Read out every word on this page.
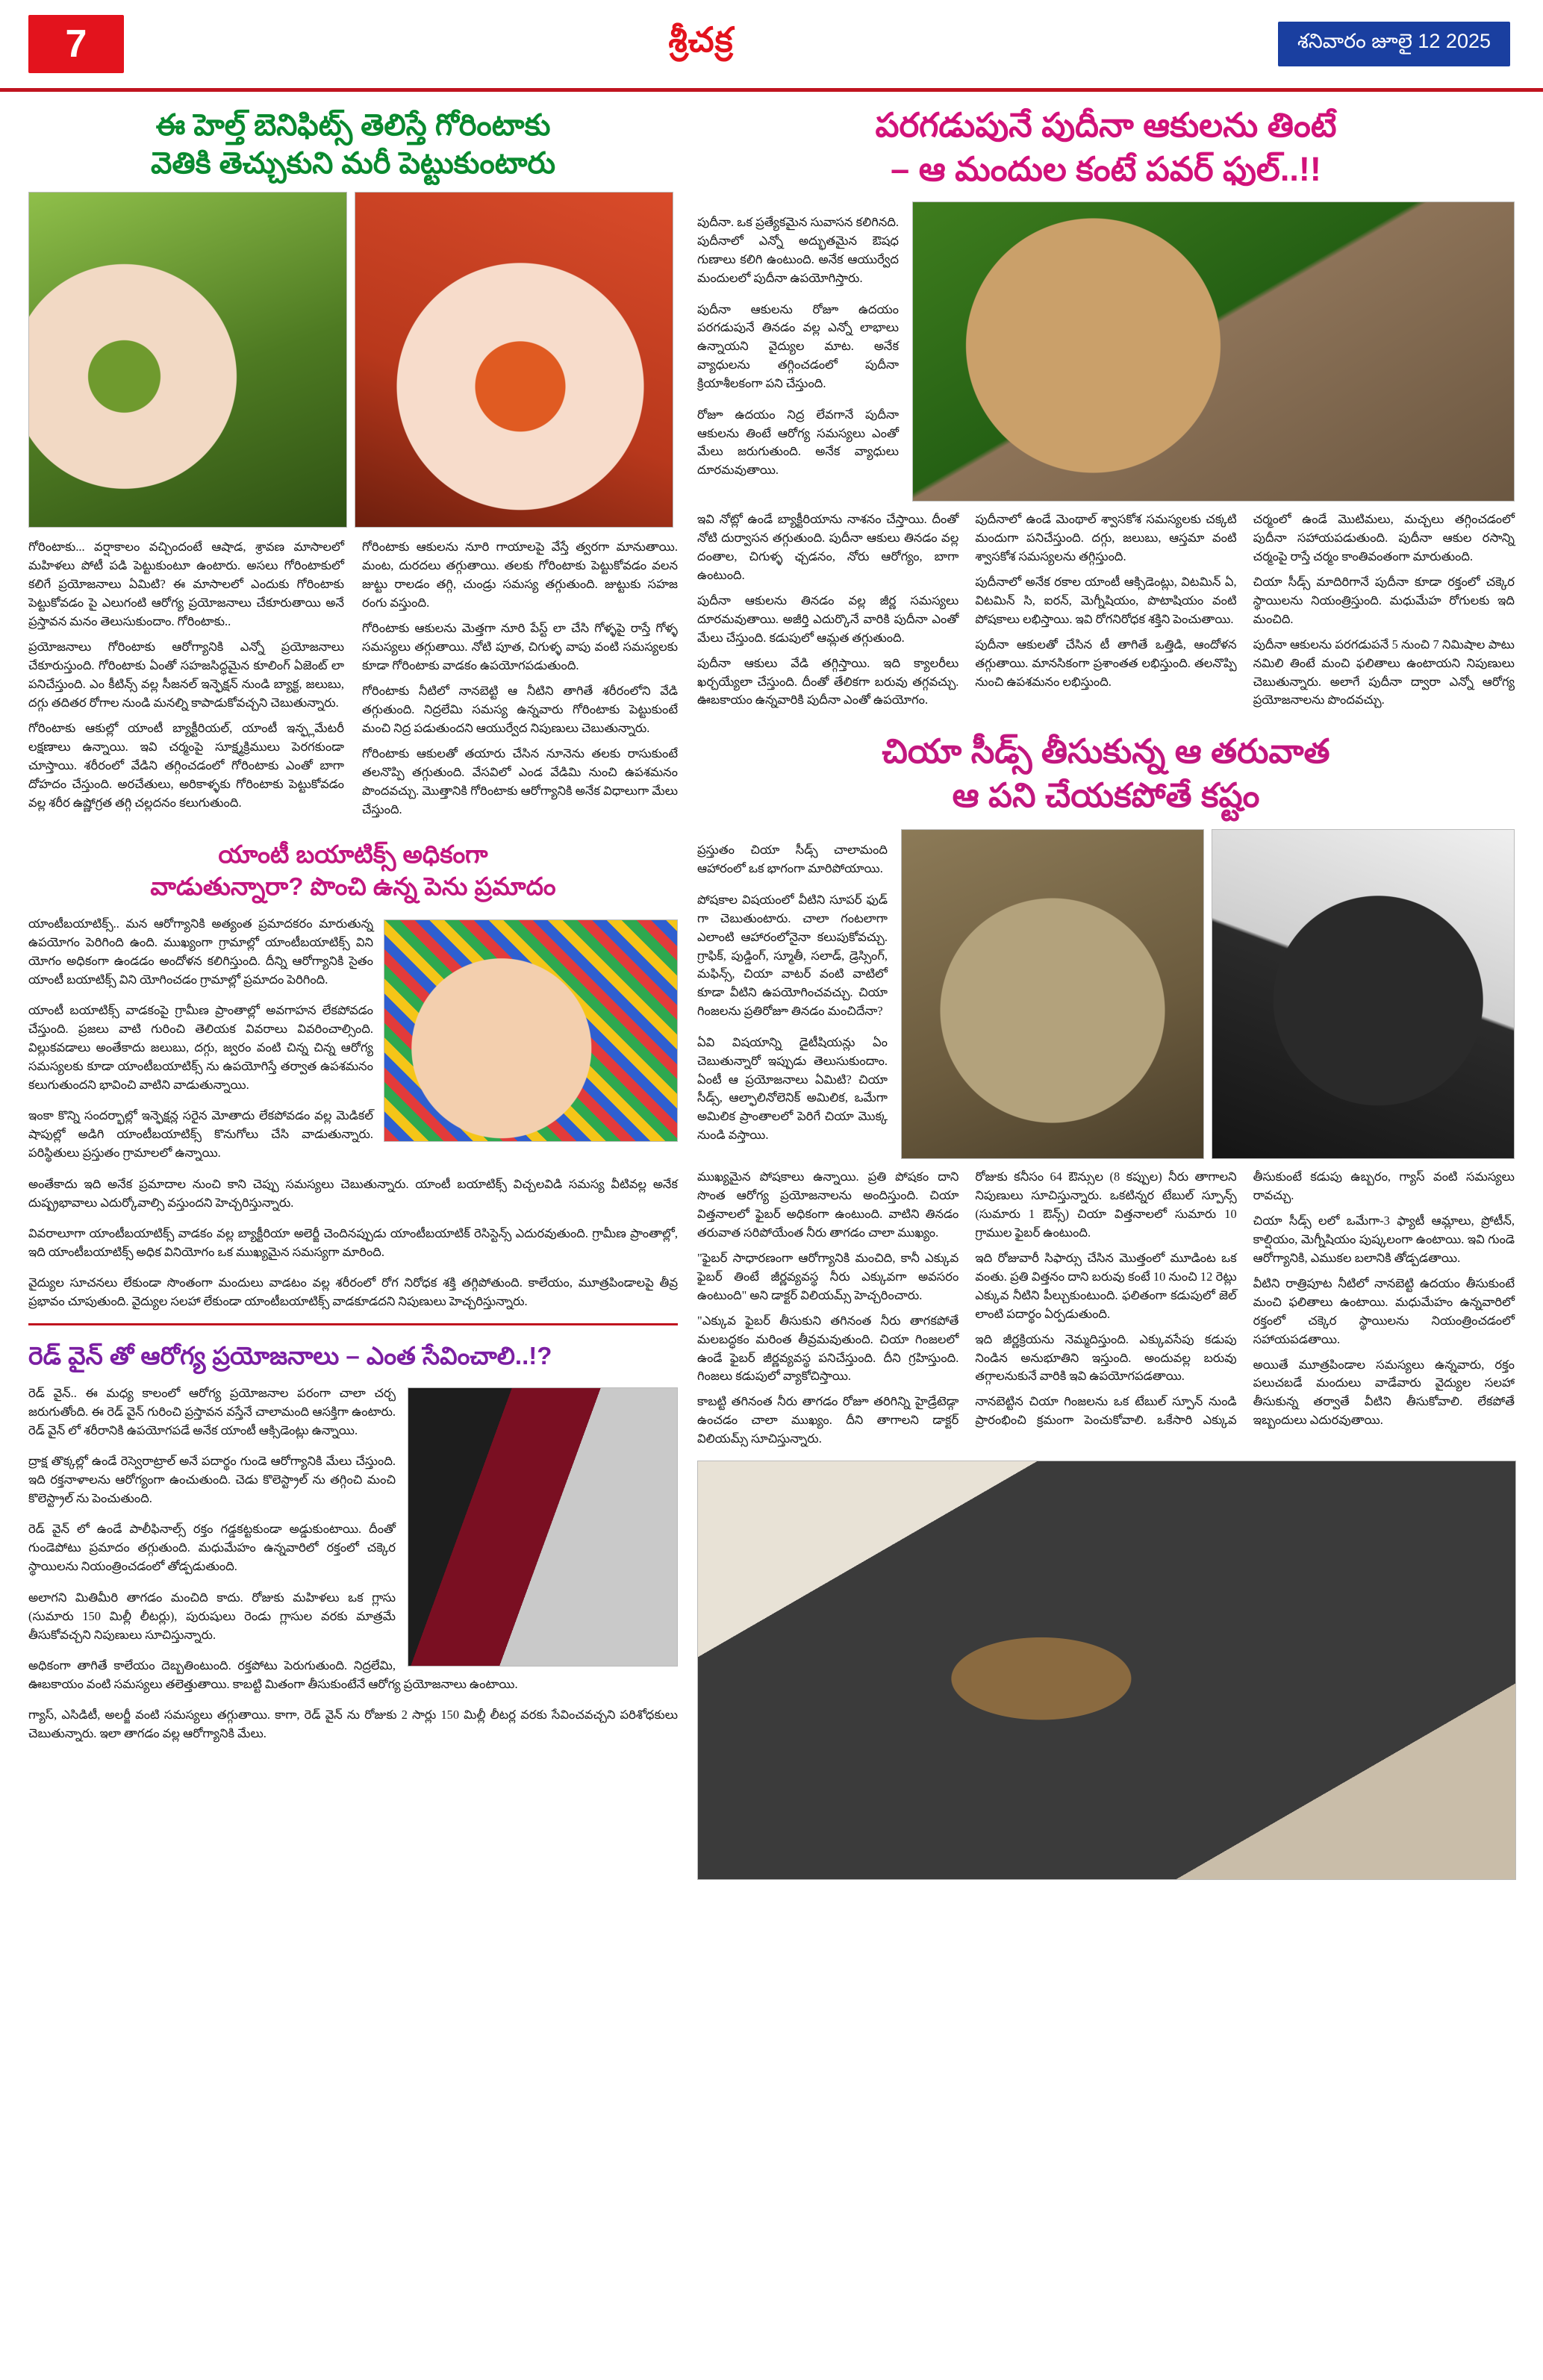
7	శ్రీచక్ర	శనివారం జూలై 12 2025
ఈ హెల్త్ బెనిఫిట్స్ తెలిస్తే గోరింటాకు
వెతికి తెచ్చుకుని మరీ పెట్టుకుంటారు

గోరింటాకు... వర్షాకాలం వచ్చిందంటే ఆషాడ, శ్రావణ మాసాలలో మహిళలు పోటీ పడి పెట్టుకుంటూ ఉంటారు. అసలు గోరింటాకులో కలిగే ప్రయోజనాలు ఏమిటి? ఈ మాసాలలో ఎందుకు గోరింటాకు పెట్టుకోవడం పై ఎలుగంటి ఆరోగ్య ప్రయోజనాలు చేకూరుతాయి అనే ప్రస్తావన మనం తెలుసుకుందాం. గోరింటాకు..

ప్రయోజనాలు గోరింటాకు ఆరోగ్యానికి ఎన్నో ప్రయోజనాలు చేకూరుస్తుంది. గోరింటాకు ఏంతో సహజసిద్ధమైన కూలింగ్ ఏజెంట్ లా పనిచేస్తుంది. ఎం కీటిన్స్ వల్ల సీజనల్ ఇన్ఫెక్షన్ నుండి బ్యాక్ట, జలుబు, దగ్గు తదితర రోగాల నుండి మనల్ని కాపాడుకోవచ్చని చెబుతున్నారు.

గోరింటాకు ఆకుల్లో యాంటీ బ్యాక్టీరియల్, యాంటీ ఇన్ఫ్లమేటరీ లక్షణాలు ఉన్నాయి. ఇవి చర్మంపై సూక్ష్మక్రిములు పెరగకుండా చూస్తాయి. శరీరంలో వేడిని తగ్గించడంలో గోరింటాకు ఎంతో బాగా దోహదం చేస్తుంది. అరచేతులు, అరికాళ్ళకు గోరింటాకు పెట్టుకోవడం వల్ల శరీర ఉష్ణోగ్రత తగ్గి చల్లదనం కలుగుతుంది.

గోరింటాకు ఆకులను నూరి గాయాలపై వేస్తే త్వరగా మానుతాయి. మంట, దురదలు తగ్గుతాయి. తలకు గోరింటాకు పెట్టుకోవడం వలన జుట్టు రాలడం తగ్గి, చుండ్రు సమస్య తగ్గుతుంది. జుట్టుకు సహజ రంగు వస్తుంది.

గోరింటాకు ఆకులను మెత్తగా నూరి పేస్ట్ లా చేసి గోళ్ళపై రాస్తే గోళ్ళ సమస్యలు తగ్గుతాయి. నోటి పూత, చిగుళ్ళ వాపు వంటి సమస్యలకు కూడా గోరింటాకు వాడకం ఉపయోగపడుతుంది.

గోరింటాకు నీటిలో నానబెట్టి ఆ నీటిని తాగితే శరీరంలోని వేడి తగ్గుతుంది. నిద్రలేమి సమస్య ఉన్నవారు గోరింటాకు పెట్టుకుంటే మంచి నిద్ర పడుతుందని ఆయుర్వేద నిపుణులు చెబుతున్నారు.

గోరింటాకు ఆకులతో తయారు చేసిన నూనెను తలకు రాసుకుంటే తలనొప్పి తగ్గుతుంది. వేసవిలో ఎండ వేడిమి నుంచి ఉపశమనం పొందవచ్చు. మొత్తానికి గోరింటాకు ఆరోగ్యానికి అనేక విధాలుగా మేలు చేస్తుంది.

యాంటీ బయాటిక్స్ అధికంగా
వాడుతున్నారా? పొంచి ఉన్న పెను ప్రమాదం

యాంటీబయాటిక్స్.. మన ఆరోగ్యానికి అత్యంత ప్రమాదకరం మారుతున్న ఉపయోగం పెరిగింది ఉంది. ముఖ్యంగా గ్రామాల్లో యాంటీబయాటిక్స్ విని యోగం అధికంగా ఉండడం అందోళన కలిగిస్తుంది. దీన్ని ఆరోగ్యానికి సైతం యాంటీ బయాటిక్స్ విని యోగించడం గ్రామాల్లో ప్రమాదం పెరిగింది.

యాంటీ బయాటిక్స్ వాడకంపై గ్రామీణ ప్రాంతాల్లో అవగాహన లేకపోవడం చేస్తుంది. ప్రజలు వాటి గురించి తెలియక వివరాలు వివరించాల్సింది. విల్లుకవడాలు అంతేకాదు జలుబు, దగ్గు, జ్వరం వంటి చిన్న చిన్న ఆరోగ్య సమస్యలకు కూడా యాంటీబయాటిక్స్ ను ఉపయోగిస్తే తర్వాత ఉపశమనం కలుగుతుందని భావించి వాటిని వాడుతున్నాయి.

ఇంకా కొన్ని సందర్భాల్లో ఇన్ఫెక్షన్ల సరైన మోతాదు లేకపోవడం వల్ల మెడికల్ షాపుల్లో అడిగి యాంటీబయాటిక్స్ కొనుగోలు చేసి వాడుతున్నారు. పరిస్థితులు ప్రస్తుతం గ్రామాలలో ఉన్నాయి.

అంతేకాదు ఇది అనేక ప్రమాదాల నుంచి కాని చెప్పు సమస్యలు చెబుతున్నారు. యాంటీ బయాటిక్స్ విచ్చలవిడి సమస్య వీటివల్ల అనేక దుష్ప్రభావాలు ఎదుర్కోవాల్సి వస్తుందని హెచ్చరిస్తున్నారు.

వివరాలూగా యాంటీబయాటిక్స్ వాడకం వల్ల బ్యాక్టీరియా అలెర్జీ చెందినప్పుడు యాంటీబయాటిక్ రెసిస్టెన్స్ ఎదురవుతుంది. గ్రామీణ ప్రాంతాల్లో, ఇది యాంటీబయాటిక్స్ అధిక వినియోగం ఒక ముఖ్యమైన సమస్యగా మారింది.

వైద్యుల సూచనలు లేకుండా సొంతంగా మందులు వాడటం వల్ల శరీరంలో రోగ నిరోధక శక్తి తగ్గిపోతుంది. కాలేయం, మూత్రపిండాలపై తీవ్ర ప్రభావం చూపుతుంది. వైద్యుల సలహా లేకుండా యాంటీబయాటిక్స్ వాడకూడదని నిపుణులు హెచ్చరిస్తున్నారు.

రెడ్ వైన్ తో ఆరోగ్య ప్రయోజనాలు – ఎంత సేవించాలి..!?

రెడ్ వైన్.. ఈ మధ్య కాలంలో ఆరోగ్య ప్రయోజనాల పరంగా చాలా చర్చ జరుగుతోంది. ఈ రెడ్ వైన్ గురించి ప్రస్తావన వస్తేనే చాలామంది ఆసక్తిగా ఉంటారు. రెడ్ వైన్ లో శరీరానికి ఉపయోగపడే అనేక యాంటీ ఆక్సిడెంట్లు ఉన్నాయి.

ద్రాక్ష తొక్కల్లో ఉండే రెస్వెరాట్రాల్ అనే పదార్థం గుండె ఆరోగ్యానికి మేలు చేస్తుంది. ఇది రక్తనాళాలను ఆరోగ్యంగా ఉంచుతుంది. చెడు కొలెస్ట్రాల్ ను తగ్గించి మంచి కొలెస్ట్రాల్ ను పెంచుతుంది.

రెడ్ వైన్ లో ఉండే పాలీఫినాల్స్ రక్తం గడ్డకట్టకుండా అడ్డుకుంటాయి. దీంతో గుండెపోటు ప్రమాదం తగ్గుతుంది. మధుమేహం ఉన్నవారిలో రక్తంలో చక్కెర స్థాయిలను నియంత్రించడంలో తోడ్పడుతుంది.

అలాగని మితిమీరి తాగడం మంచిది కాదు. రోజుకు మహిళలు ఒక గ్లాసు (సుమారు 150 మిల్లీ లీటర్లు), పురుషులు రెండు గ్లాసుల వరకు మాత్రమే తీసుకోవచ్చని నిపుణులు సూచిస్తున్నారు.

అధికంగా తాగితే కాలేయం దెబ్బతింటుంది. రక్తపోటు పెరుగుతుంది. నిద్రలేమి, ఊబకాయం వంటి సమస్యలు తలెత్తుతాయి. కాబట్టి మితంగా తీసుకుంటేనే ఆరోగ్య ప్రయోజనాలు ఉంటాయి.

గ్యాస్, ఎసిడిటీ, అలర్జీ వంటి సమస్యలు తగ్గుతాయి. కాగా, రెడ్ వైన్ ను రోజుకు 2 సార్లు 150 మిల్లీ లీటర్ల వరకు సేవించవచ్చని పరిశోధకులు చెబుతున్నారు. ఇలా తాగడం వల్ల ఆరోగ్యానికి మేలు.

పరగడుపునే పుదీనా ఆకులను తింటే
– ఆ మందుల కంటే పవర్ ఫుల్..!!

పుదీనా. ఒక ప్రత్యేకమైన సువాసన కలిగినది. పుదీనాలో ఎన్నో అద్భుతమైన ఔషధ గుణాలు కలిగి ఉంటుంది. అనేక ఆయుర్వేద మందులలో పుదీనా ఉపయోగిస్తారు.

పుదీనా ఆకులను రోజూ ఉదయం పరగడుపునే తినడం వల్ల ఎన్నో లాభాలు ఉన్నాయని వైద్యుల మాట. అనేక వ్యాధులను తగ్గించడంలో పుదీనా క్రియాశీలకంగా పని చేస్తుంది.

రోజూ ఉదయం నిద్ర లేవగానే పుదీనా ఆకులను తింటే ఆరోగ్య సమస్యలు ఎంతో మేలు జరుగుతుంది. అనేక వ్యాధులు దూరమవుతాయి.

ఇవి నోట్లో ఉండే బ్యాక్టీరియాను నాశనం చేస్తాయి. దీంతో నోటి దుర్వాసన తగ్గుతుంది. పుదీనా ఆకులు తినడం వల్ల దంతాల, చిగుళ్ళ ఛ్చడనం, నోరు ఆరోగ్యం, బాగా ఉంటుంది.

పుదీనా ఆకులను తినడం వల్ల జీర్ణ సమస్యలు దూరమవుతాయి. అజీర్తి ఎదుర్కొనే వారికి పుదీనా ఎంతో మేలు చేస్తుంది. కడుపులో ఆమ్లత తగ్గుతుంది.

పుదీనా ఆకులు వేడి తగ్గిస్తాయి. ఇది క్యాలరీలు ఖర్చయ్యేలా చేస్తుంది. దీంతో తేలికగా బరువు తగ్గవచ్చు. ఊబకాయం ఉన్నవారికి పుదీనా ఎంతో ఉపయోగం.

పుదీనాలో ఉండే మెంథాల్ శ్వాసకోశ సమస్యలకు చక్కటి మందుగా పనిచేస్తుంది. దగ్గు, జలుబు, ఆస్తమా వంటి శ్వాసకోశ సమస్యలను తగ్గిస్తుంది.

పుదీనాలో అనేక రకాల యాంటీ ఆక్సిడెంట్లు, విటమిన్ ఏ, విటమిన్ సి, ఐరన్, మెగ్నీషియం, పొటాషియం వంటి పోషకాలు లభిస్తాయి. ఇవి రోగనిరోధక శక్తిని పెంచుతాయి.

పుదీనా ఆకులతో చేసిన టీ తాగితే ఒత్తిడి, ఆందోళన తగ్గుతాయి. మానసికంగా ప్రశాంతత లభిస్తుంది. తలనొప్పి నుంచి ఉపశమనం లభిస్తుంది.

చర్మంలో ఉండే మొటిమలు, మచ్చలు తగ్గించడంలో పుదీనా సహాయపడుతుంది. పుదీనా ఆకుల రసాన్ని చర్మంపై రాస్తే చర్మం కాంతివంతంగా మారుతుంది.

చియా సీడ్స్ మాదిరిగానే పుదీనా కూడా రక్తంలో చక్కెర స్థాయిలను నియంత్రిస్తుంది. మధుమేహ రోగులకు ఇది మంచిది.

పుదీనా ఆకులను పరగడుపనే 5 నుంచి 7 నిమిషాల పాటు నమిలి తింటే మంచి ఫలితాలు ఉంటాయని నిపుణులు చెబుతున్నారు. అలాగే పుదీనా ద్వారా ఎన్నో ఆరోగ్య ప్రయోజనాలను పొందవచ్చు.

చియా సీడ్స్ తీసుకున్న ఆ తరువాత
ఆ పని చేయకపోతే కష్టం

ప్రస్తుతం చియా సీడ్స్ చాలామంది ఆహారంలో ఒక భాగంగా మారిపోయాయి.

పోషకాల విషయంలో వీటిని సూపర్ ఫుడ్ గా చెబుతుంటారు. చాలా గంటలాగా ఎలాంటి ఆహారంలోనైనా కలుపుకోవచ్చు. గ్రాఫిక్, పుడ్డింగ్, స్మూతీ, సలాడ్, డ్రెస్సింగ్, మఫిన్స్, చియా వాటర్ వంటి వాటిలో కూడా వీటిని ఉపయోగించవచ్చు. చియా గింజలను ప్రతిరోజూ తినడం మంచిదేనా?

ఏవి విషయాన్ని డైటీషియన్లు ఏం చెబుతున్నారో ఇప్పుడు తెలుసుకుందాం. ఏంటీ ఆ ప్రయోజనాలు ఏమిటి? చియా సీడ్స్, ఆల్ఫాలినోలెనిక్ అమిలిక, ఒమేగా అమిలిక ప్రాంతాలలో పెరిగే చియా మొక్క నుండి వస్తాయి.

ముఖ్యమైన పోషకాలు ఉన్నాయి. ప్రతి పోషకం దాని సొంత ఆరోగ్య ప్రయోజనాలను అందిస్తుంది. చియా విత్తనాలలో ఫైబర్ అధికంగా ఉంటుంది. వాటిని తినడం తరువాత సరిపోయేంత నీరు తాగడం చాలా ముఖ్యం.

"ఫైబర్ సాధారణంగా ఆరోగ్యానికి మంచిది, కానీ ఎక్కువ ఫైబర్ తింటే జీర్ణవ్యవస్థ నీరు ఎక్కువగా అవసరం ఉంటుంది" అని డాక్టర్ విలియమ్స్ హెచ్చరించారు.

"ఎక్కువ ఫైబర్ తీసుకుని తగినంత నీరు తాగకపోతే మలబద్ధకం మరింత తీవ్రమవుతుంది. చియా గింజలలో ఉండే ఫైబర్ జీర్ణవ్యవస్థ పనిచేస్తుంది. దీని గ్రహిస్తుంది. గింజలు కడుపులో వ్యాకోచిస్తాయి.

కాబట్టి తగినంత నీరు తాగడం రోజూ తరిగిన్ని హైడ్రేటెడ్గా ఉంచడం చాలా ముఖ్యం. దీని తాగాలని డాక్టర్ విలియమ్స్ సూచిస్తున్నారు.

రోజుకు కనీసం 64 ఔన్సుల (8 కప్పుల) నీరు తాగాలని నిపుణులు సూచిస్తున్నారు. ఒకటిన్నర టేబుల్ స్పూన్స్ (సుమారు 1 ఔన్స్) చియా విత్తనాలలో సుమారు 10 గ్రాముల ఫైబర్ ఉంటుంది.

ఇది రోజువారీ సిఫార్సు చేసిన మొత్తంలో మూడింట ఒక వంతు. ప్రతి విత్తనం దాని బరువు కంటే 10 నుంచి 12 రెట్లు ఎక్కువ నీటిని పీల్చుకుంటుంది. ఫలితంగా కడుపులో జెల్ లాంటి పదార్థం ఏర్పడుతుంది.

ఇది జీర్ణక్రియను నెమ్మదిస్తుంది. ఎక్కువసేపు కడుపు నిండిన అనుభూతిని ఇస్తుంది. అందువల్ల బరువు తగ్గాలనుకునే వారికి ఇవి ఉపయోగపడతాయి.

నానబెట్టిన చియా గింజలను ఒక టేబుల్ స్పూన్ నుండి ప్రారంభించి క్రమంగా పెంచుకోవాలి. ఒకేసారి ఎక్కువ తీసుకుంటే కడుపు ఉబ్బరం, గ్యాస్ వంటి సమస్యలు రావచ్చు.

చియా సీడ్స్ లలో ఒమేగా-3 ఫ్యాటీ ఆమ్లాలు, ప్రోటీన్, కాల్షియం, మెగ్నీషియం పుష్కలంగా ఉంటాయి. ఇవి గుండె ఆరోగ్యానికి, ఎముకల బలానికి తోడ్పడతాయి.

వీటిని రాత్రిపూట నీటిలో నానబెట్టి ఉదయం తీసుకుంటే మంచి ఫలితాలు ఉంటాయి. మధుమేహం ఉన్నవారిలో రక్తంలో చక్కెర స్థాయిలను నియంత్రించడంలో సహాయపడతాయి.

అయితే మూత్రపిండాల సమస్యలు ఉన్నవారు, రక్తం పలుచబడే మందులు వాడేవారు వైద్యుల సలహా తీసుకున్న తర్వాతే వీటిని తీసుకోవాలి. లేకపోతే ఇబ్బందులు ఎదురవుతాయి.
